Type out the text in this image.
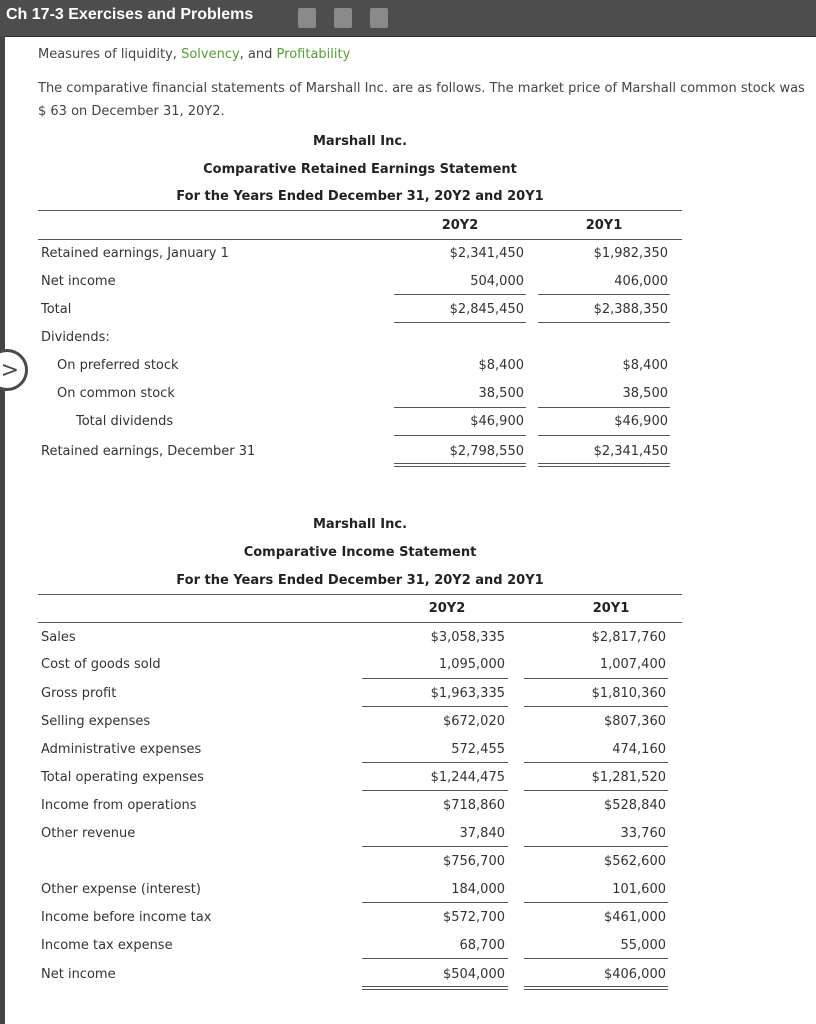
Ch 17-3 Exercises and Problems
>
Measures of liquidity, Solvency, and Profitability
The comparative financial statements of Marshall Inc. are as follows. The market price of Marshall common stock was
$ 63 on December 31, 20Y2.
Marshall Inc.
Comparative Retained Earnings Statement
For the Years Ended December 31, 20Y2 and 20Y1
20Y2	20Y1
Marshall Inc.
Comparative Income Statement
For the Years Ended December 31, 20Y2 and 20Y1
20Y2	20Y1
Retained earnings, January 1	$2,341,450	$1,982,350
Net income	504,000	406,000
Total	$2,845,450	$2,388,350
Dividends:
On preferred stock	$8,400	$8,400
On common stock	38,500	38,500
Total dividends	$46,900	$46,900
Retained earnings, December 31	$2,798,550	$2,341,450
Sales	$3,058,335	$2,817,760
Cost of goods sold	1,095,000	1,007,400
Gross profit	$1,963,335	$1,810,360
Selling expenses	$672,020	$807,360
Administrative expenses	572,455	474,160
Total operating expenses	$1,244,475	$1,281,520
Income from operations	$718,860	$528,840
Other revenue	37,840	33,760
$756,700	$562,600
Other expense (interest)	184,000	101,600
Income before income tax	$572,700	$461,000
Income tax expense	68,700	55,000
Net income	$504,000	$406,000
